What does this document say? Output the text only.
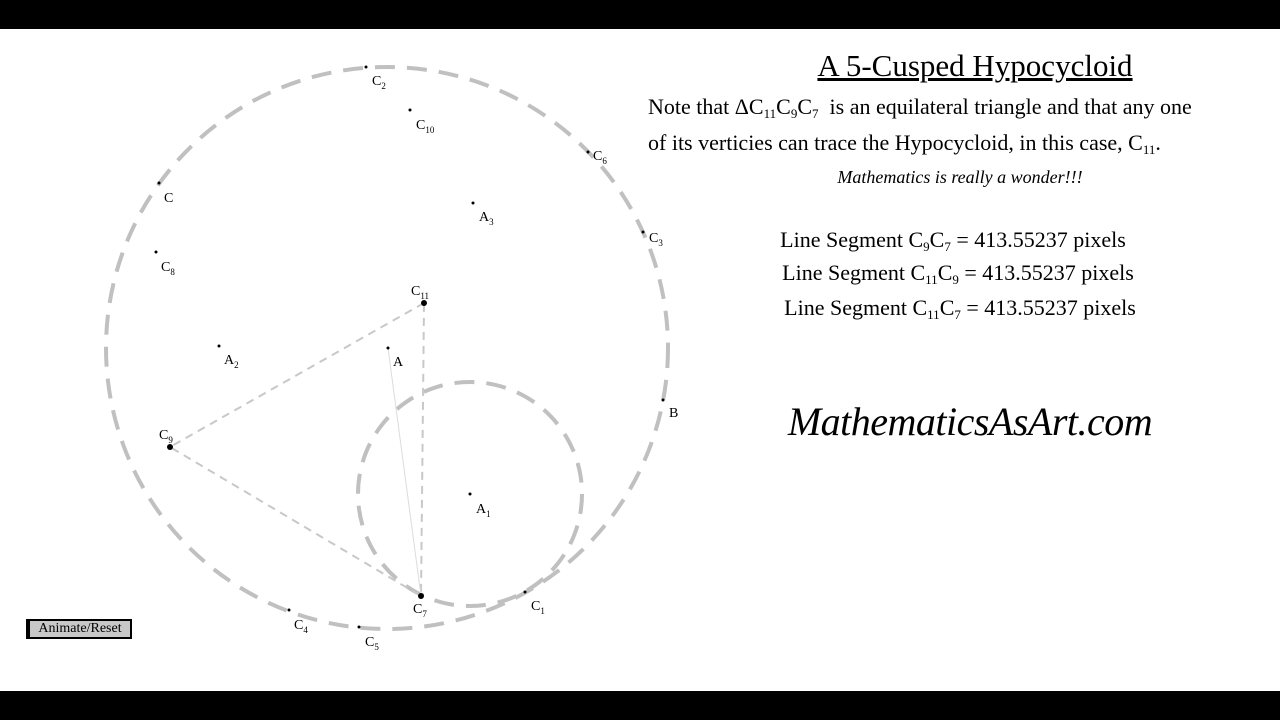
$C_2$
$C_{10}$
$C_6$
C
$A_3$
$C_3$
$C_8$
$C_{11}$
$A_2$	A
B
$C_9$
$A_1$
$C_1$
$C_7$
$C_4$
$C_5$
A 5-Cusped Hypocycloid
Note that ΔC11C9C7  is an equilateral triangle and that any one
of its verticies can trace the Hypocycloid, in this case, C11.
Mathematics is really a wonder!!!
Line Segment C9C7 = 413.55237 pixels
Line Segment C11C9 = 413.55237 pixels
Line Segment C11C7 = 413.55237 pixels
MathematicsAsArt.com
Animate/Reset
